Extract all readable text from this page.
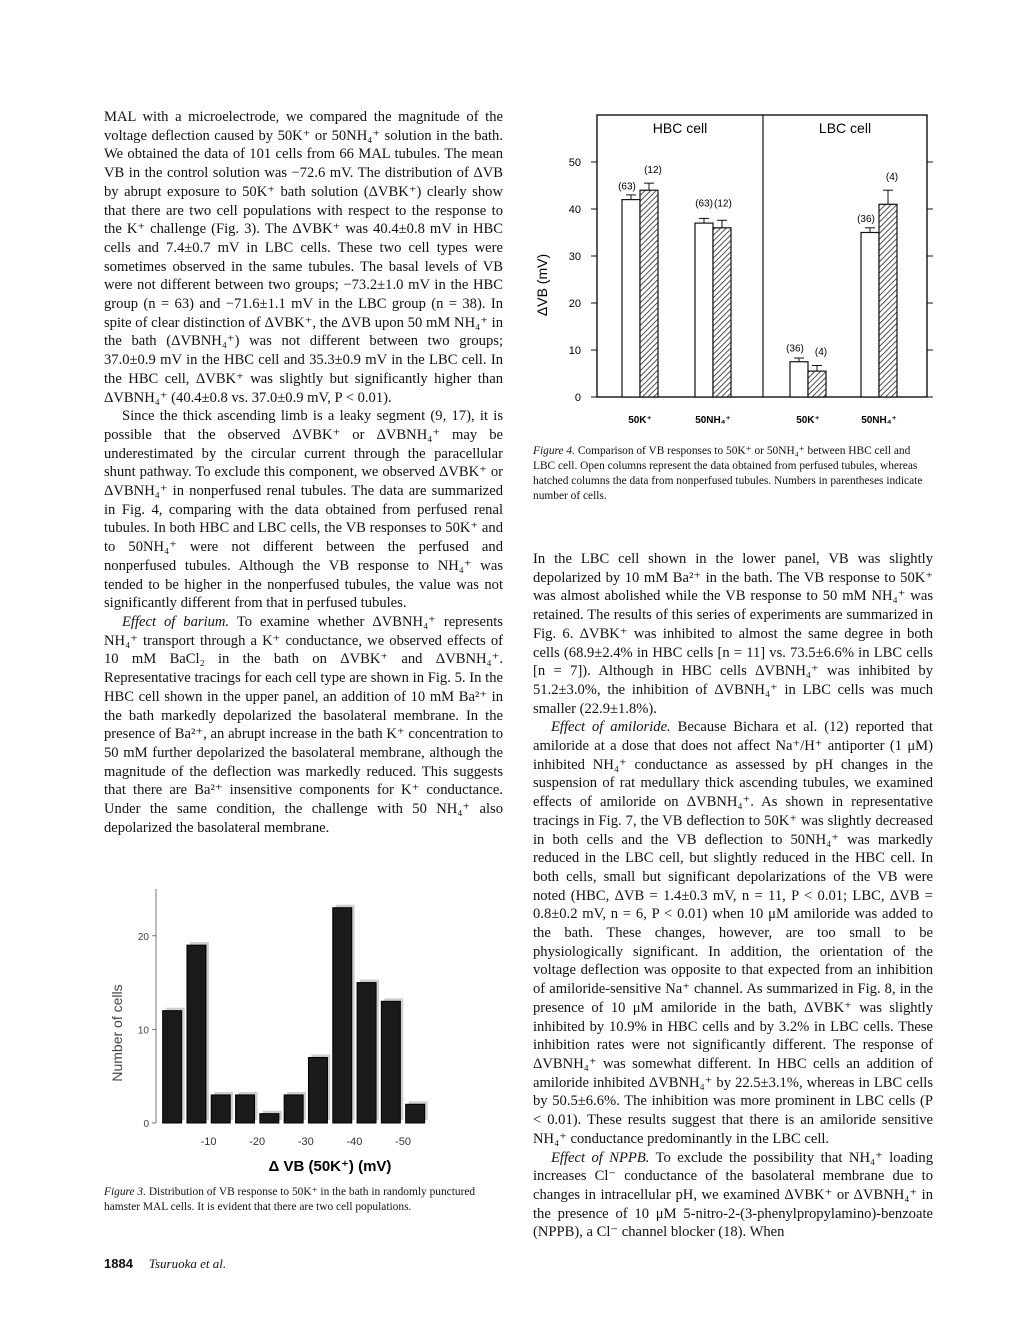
MAL with a microelectrode, we compared the magnitude of the voltage deflection caused by 50K⁺ or 50NH₄⁺ solution in the bath. We obtained the data of 101 cells from 66 MAL tubules. The mean VB in the control solution was −72.6 mV. The distribution of ΔVB by abrupt exposure to 50K⁺ bath solution (ΔVBK⁺) clearly show that there are two cell populations with respect to the response to the K⁺ challenge (Fig. 3). The ΔVBK⁺ was 40.4±0.8 mV in HBC cells and 7.4±0.7 mV in LBC cells. These two cell types were sometimes observed in the same tubules. The basal levels of VB were not different between two groups; −73.2±1.0 mV in the HBC group (n = 63) and −71.6±1.1 mV in the LBC group (n = 38). In spite of clear distinction of ΔVBK⁺, the ΔVB upon 50 mM NH₄⁺ in the bath (ΔVBNH₄⁺) was not different between two groups; 37.0±0.9 mV in the HBC cell and 35.3±0.9 mV in the LBC cell. In the HBC cell, ΔVBK⁺ was slightly but significantly higher than ΔVBNH₄⁺ (40.4±0.8 vs. 37.0±0.9 mV, P < 0.01).

Since the thick ascending limb is a leaky segment (9, 17), it is possible that the observed ΔVBK⁺ or ΔVBNH₄⁺ may be underestimated by the circular current through the paracellular shunt pathway. To exclude this component, we observed ΔVBK⁺ or ΔVBNH₄⁺ in nonperfused renal tubules. The data are summarized in Fig. 4, comparing with the data obtained from perfused renal tubules. In both HBC and LBC cells, the VB responses to 50K⁺ and to 50NH₄⁺ were not different between the perfused and nonperfused tubules. Although the VB response to NH₄⁺ was tended to be higher in the nonperfused tubules, the value was not significantly different from that in perfused tubules.

Effect of barium. To examine whether ΔVBNH₄⁺ represents NH₄⁺ transport through a K⁺ conductance, we observed effects of 10 mM BaCl₂ in the bath on ΔVBK⁺ and ΔVBNH₄⁺. Representative tracings for each cell type are shown in Fig. 5. In the HBC cell shown in the upper panel, an addition of 10 mM Ba²⁺ in the bath markedly depolarized the basolateral membrane. In the presence of Ba²⁺, an abrupt increase in the bath K⁺ concentration to 50 mM further depolarized the basolateral membrane, although the magnitude of the deflection was markedly reduced. This suggests that there are Ba²⁺ insensitive components for K⁺ conductance. Under the same condition, the challenge with 50 NH₄⁺ also depolarized the basolateral membrane.

In the LBC cell shown in the lower panel, VB was slightly depolarized by 10 mM Ba²⁺ in the bath. The VB response to 50K⁺ was almost abolished while the VB response to 50 mM NH₄⁺ was retained. The results of this series of experiments are summarized in Fig. 6. ΔVBK⁺ was inhibited to almost the same degree in both cells (68.9±2.4% in HBC cells [n = 11] vs. 73.5±6.6% in LBC cells [n = 7]). Although in HBC cells ΔVBNH₄⁺ was inhibited by 51.2±3.0%, the inhibition of ΔVBNH₄⁺ in LBC cells was much smaller (22.9±1.8%).

Effect of amiloride. Because Bichara et al. (12) reported that amiloride at a dose that does not affect Na⁺/H⁺ antiporter (1 μM) inhibited NH₄⁺ conductance as assessed by pH changes in the suspension of rat medullary thick ascending tubules, we examined effects of amiloride on ΔVBNH₄⁺. As shown in representative tracings in Fig. 7, the VB deflection to 50K⁺ was slightly decreased in both cells and the VB deflection to 50NH₄⁺ was markedly reduced in the LBC cell, but slightly reduced in the HBC cell. In both cells, small but significant depolarizations of the VB were noted (HBC, ΔVB = 1.4±0.3 mV, n = 11, P < 0.01; LBC, ΔVB = 0.8±0.2 mV, n = 6, P < 0.01) when 10 μM amiloride was added to the bath. These changes, however, are too small to be physiologically significant. In addition, the orientation of the voltage deflection was opposite to that expected from an inhibition of amiloride-sensitive Na⁺ channel. As summarized in Fig. 8, in the presence of 10 μM amiloride in the bath, ΔVBK⁺ was slightly inhibited by 10.9% in HBC cells and by 3.2% in LBC cells. These inhibition rates were not significantly different. The response of ΔVBNH₄⁺ was somewhat different. In HBC cells an addition of amiloride inhibited ΔVBNH₄⁺ by 22.5±3.1%, whereas in LBC cells by 50.5±6.6%. The inhibition was more prominent in LBC cells (P < 0.01). These results suggest that there is an amiloride sensitive NH₄⁺ conductance predominantly in the LBC cell.

Effect of NPPB. To exclude the possibility that NH₄⁺ loading increases Cl⁻ conductance of the basolateral membrane due to changes in intracellular pH, we examined ΔVBK⁺ or ΔVBNH₄⁺ in the presence of 10 μM 5-nitro-2-(3-phenylpropylamino)-benzoate (NPPB), a Cl⁻ channel blocker (18). When

HBC cell	LBC cell
ΔVB (mV)
0
10
20
30
40
50
(63)
(12)
(63) (12)
(36) (4)
(36)
(4)
50K⁺	50NH₄⁺	50K⁺	50NH₄⁺
Figure 4. Comparison of VB responses to 50K⁺ or 50NH₄⁺ between HBC cell and LBC cell. Open columns represent the data obtained from perfused tubules, whereas hatched columns the data from nonperfused tubules. Numbers in parentheses indicate number of cells.
Number of cells
0
10
20
-10	-20	-30	-40	-50
Δ VB (50K⁺) (mV)
Figure 3. Distribution of VB response to 50K⁺ in the bath in randomly punctured hamster MAL cells. It is evident that there are two cell populations.
1884 Tsuruoka et al.
